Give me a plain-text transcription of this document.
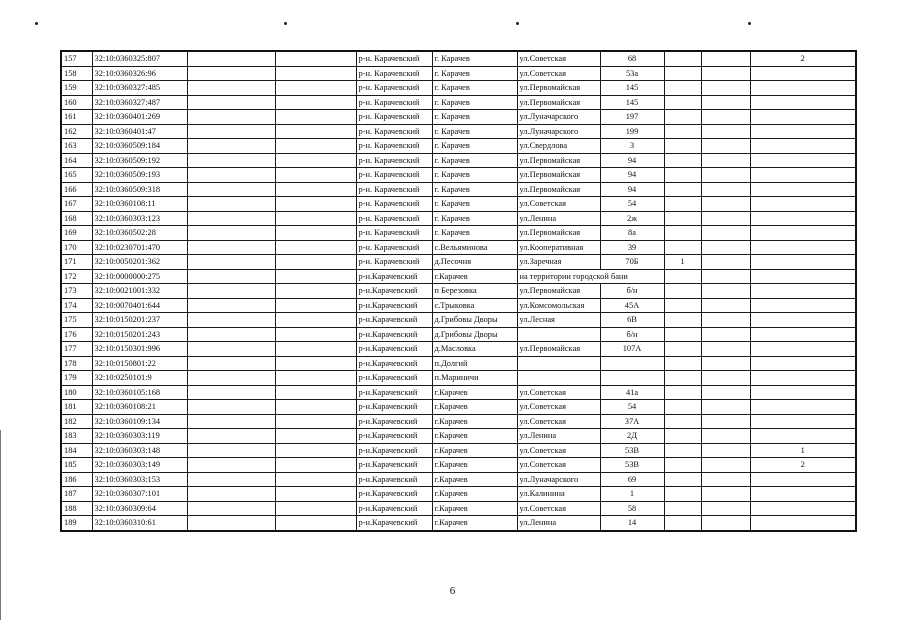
157	32:10:0360325:807			р-н. Карачевский	г. Карачев	ул.Советская	68			2
158	32:10:0360326:96			р-н. Карачевский	г. Карачев	ул.Советская	53а			
159	32:10:0360327:485			р-н. Карачевский	г. Карачев	ул.Первомайская	145			
160	32:10:0360327:487			р-н. Карачевский	г. Карачев	ул.Первомайская	145			
161	32:10:0360401:269			р-н. Карачевский	г. Карачев	ул.Луначарского	197			
162	32:10:0360401:47			р-н. Карачевский	г. Карачев	ул.Луначарского	199			
163	32:10:0360509:184			р-н. Карачевский	г. Карачев	ул.Свердлова	3			
164	32:10:0360509:192			р-н. Карачевский	г. Карачев	ул.Первомайская	94			
165	32:10:0360509:193			р-н. Карачевский	г. Карачев	ул.Первомайская	94			
166	32:10:0360509:318			р-н. Карачевский	г. Карачев	ул.Первомайская	94			
167	32:10:0360108:11			р-н. Карачевский	г. Карачев	ул.Советская	54			
168	32:10:0360303:123			р-н. Карачевский	г. Карачев	ул.Ленина	2ж			
169	32:10:0360502:28			р-н. Карачевский	г. Карачев	ул.Первомайская	8а			
170	32:10:0230701:470			р-н. Карачевский	с.Вельяминова	ул.Кооперативная	39			
171	32:10:0050201:362			р-н. Карачевский	д.Песочня	ул.Заречная	70Б	1		
172	32:10:0000000:275			р-н.Карачевский	г.Карачев	на территории городской бани				
173	32:10:0021001:332			р-н.Карачевский	п Березовка	ул.Первомайская	б/н			
174	32:10:0070401:644			р-н.Карачевский	с.Трыковка	ул.Комсомольская	45А			
175	32:10:0150201:237			р-н.Карачевский	д.Грибовы Дворы	ул.Лесная	6В			
176	32:10:0150201:243			р-н.Карачевский	д.Грибовы Дворы		б/н			
177	32:10:0150301:996			р-н.Карачевский	д.Масловка	ул.Первомайская	107А			
178	32:10:0150801:22			р-н.Карачевский	п.Долгий					
179	32:10:0250101:9			р-н.Карачевский	п.Мариничи					
180	32:10:0360105:168			р-н.Карачевский	г.Карачев	ул.Советская	41а			
181	32:10:0360108:21			р-н.Карачевский	г.Карачев	ул.Советская	54			
182	32:10:0360109:134			р-н.Карачевский	г.Карачев	ул.Советская	37А			
183	32:10:0360303:119			р-н.Карачевский	г.Карачев	ул.Ленина	2Д			
184	32:10:0360303:148			р-н.Карачевский	г.Карачев	ул.Советская	53В			1
185	32:10:0360303:149			р-н.Карачевский	г.Карачев	ул.Советская	53В			2
186	32:10:0360303:153			р-н.Карачевский	г.Карачев	ул.Луначарского	69			
187	32:10:0360307:101			р-н.Карачевский	г.Карачев	ул.Калинина	1			
188	32:10:0360309:64			р-н.Карачевский	г.Карачев	ул.Советская	58			
189	32:10:0360310:61			р-н.Карачевский	г.Карачев	ул.Ленина	14			
6
